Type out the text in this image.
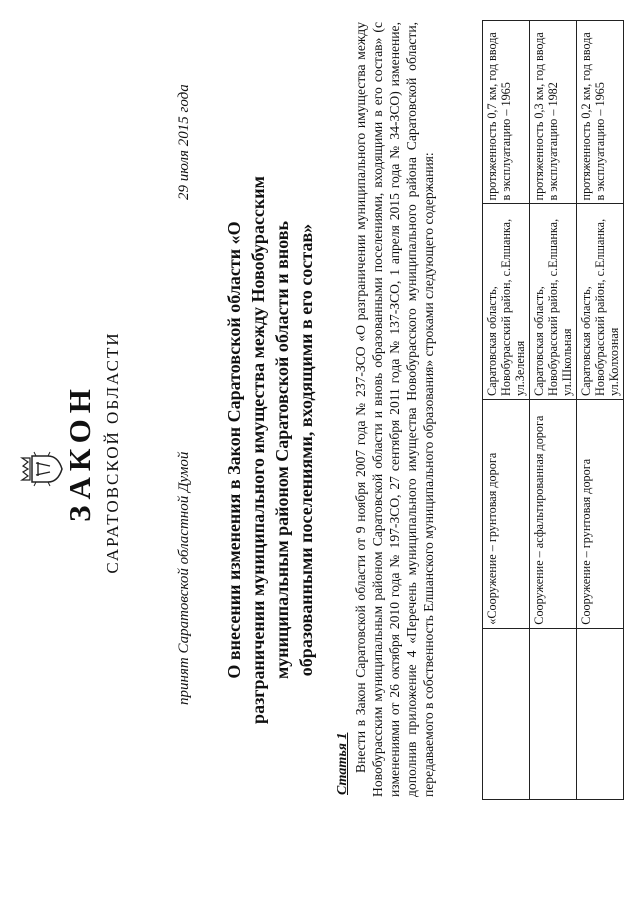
ЗАКОН САРАТОВСКОЙ ОБЛАСТИ	принят Саратовской областной Думой
29 июля 2015 года
О внесении изменения в Закон Саратовской области «О разграничении муниципального имущества между Новобурасским муниципальным районом Саратовской области и вновь образованными поселениями, входящими в его состав»
Статья 1 Внести в Закон Саратовской области от 9 ноября 2007 года № 237-ЗСО «О разграничении муниципального имущества между Новобурасским муниципальным районом Саратовской области и вновь образованными поселениями, входящими в его состав» (с изменениями от 26 октября 2010 года № 197-ЗСО, 27 сентября 2011 года № 137-ЗСО, 1 апреля 2015 года № 34-ЗСО) изменение, дополнив приложение 4 «Перечень муниципального имущества Новобурасского муниципального района Саратовской области, передаваемого в собственность Елшанского муниципального образования» строками следующего содержания:
		«Сооружение – грунтовая дорога	Саратовская область, Новобурасский район, с.Елшанка, ул.Зеленая	протяженность 0,7 км, год ввода в эксплуатацию – 1965
	Сооружение – асфальтированная дорога	Саратовская область, Новобурасский район, с.Елшанка, ул.Школьная	протяженность 0,3 км, год ввода в эксплуатацию – 1982
	Сооружение – грунтовая дорога	Саратовская область, Новобурасский район, с.Елшанка, ул.Колхозная	протяженность 0,2 км, год ввода в эксплуатацию – 1965
